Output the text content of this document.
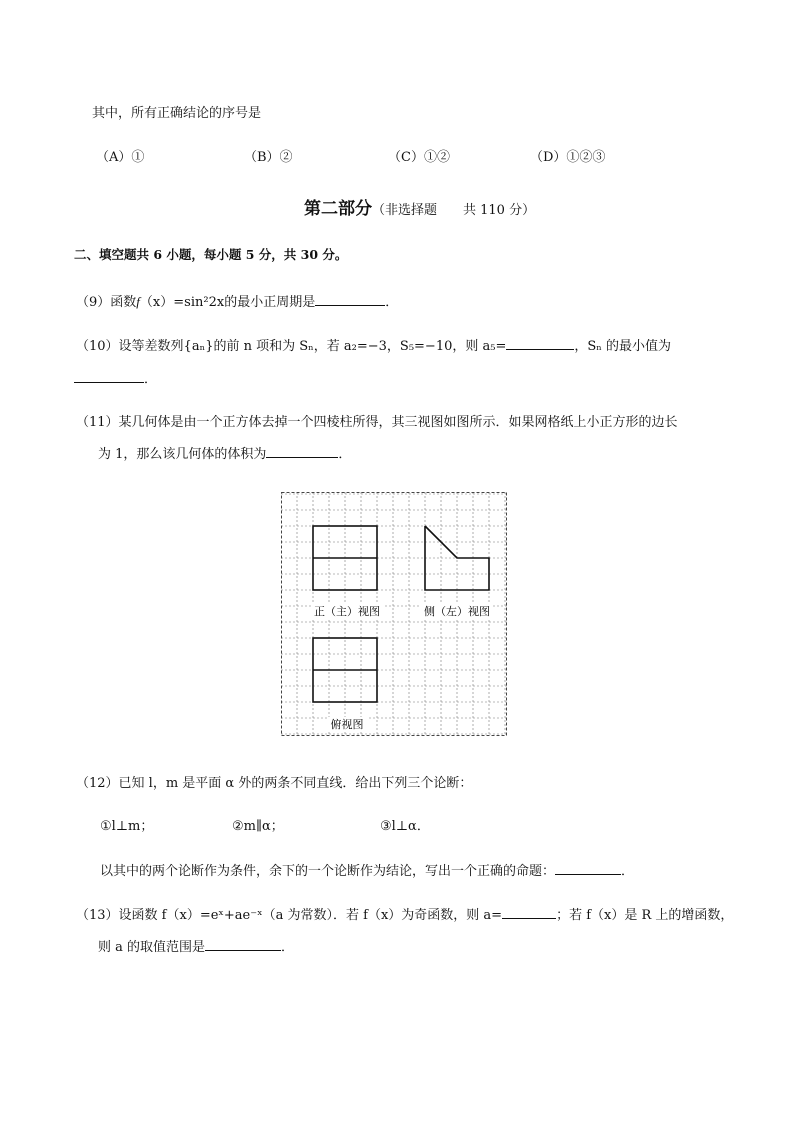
其中，所有正确结论的序号是
（A）①	（B）②	（C）①②	（D）①②③
第二部分（非选择题　　共 110 分）
二、填空题共 6 小题，每小题 5 分，共 30 分。
（9）函数f（x）=sin²2x的最小正周期是	．
（10）设等差数列{aₙ}的前 n 项和为 Sₙ，若 a₂=−3，S₅=−10，则 a₅=	，Sₙ 的最小值为
．
（11）某几何体是由一个正方体去掉一个四棱柱所得，其三视图如图所示．如果网格纸上小正方形的边长
为 1，那么该几何体的体积为	．
正（主）视图	侧（左）视图
俯视图
（12）已知 l，m 是平面 α 外的两条不同直线．给出下列三个论断：
①l⊥m；	②m∥α；	③l⊥α．
以其中的两个论断作为条件，余下的一个论断作为结论，写出一个正确的命题：	．
（13）设函数 f（x）=eˣ+ae⁻ˣ（a 为常数）．若 f（x）为奇函数，则 a=	；若 f（x）是 R 上的增函数，
则 a 的取值范围是	．
